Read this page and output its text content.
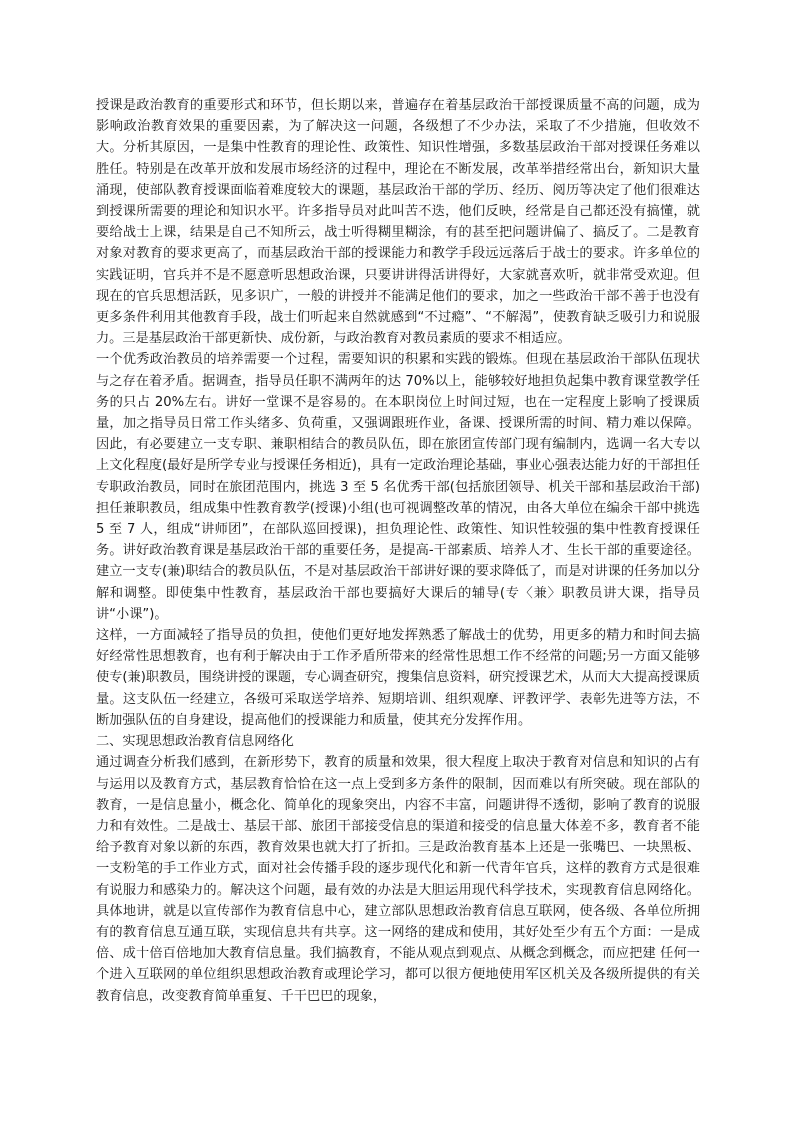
授课是政治教育的重要形式和环节，但长期以来，普遍存在着基层政治干部授课质量不高的问题，成为影响政治教育效果的重要因素，为了解决这一问题，各级想了不少办法，采取了不少措施，但收效不大。分析其原因，一是集中性教育的理论性、政策性、知识性增强，多数基层政治干部对授课任务难以胜任。特别是在改革开放和发展市场经济的过程中，理论在不断发展，改革举措经常出台，新知识大量涌现，使部队教育授课面临着难度较大的课题，基层政治干部的学历、经历、阅历等决定了他们很难达到授课所需要的理论和知识水平。许多指导员对此叫苦不迭，他们反映，经常是自己都还没有搞懂，就要给战士上课，结果是自己不知所云，战士听得糊里糊涂，有的甚至把问题讲偏了、搞反了。二是教育对象对教育的要求更高了，而基层政治干部的授课能力和教学手段远远落后于战士的要求。许多单位的实践证明，官兵并不是不愿意听思想政治课，只要讲讲得活讲得好，大家就喜欢听，就非常受欢迎。但现在的官兵思想活跃，见多识广，一般的讲授并不能满足他们的要求，加之一些政治干部不善于也没有更多条件利用其他教育手段，战士们听起来自然就感到“不过瘾”、“不解渴”，使教育缺乏吸引力和说服力。三是基层政治干部更新快、成份新，与政治教育对教员素质的要求不相适应。

一个优秀政治教员的培养需要一个过程，需要知识的积累和实践的锻炼。但现在基层政治干部队伍现状与之存在着矛盾。据调查，指导员任职不满两年的达 70%以上，能够较好地担负起集中教育课堂教学任务的只占 20%左右。讲好一堂课不是容易的。在本职岗位上时间过短，也在一定程度上影响了授课质量，加之指导员日常工作头绪多、负荷重，又强调跟班作业，备课、授课所需的时间、精力难以保障。因此，有必要建立一支专职、兼职相结合的教员队伍，即在旅团宣传部门现有编制内，选调一名大专以上文化程度(最好是所学专业与授课任务相近)，具有一定政治理论基础，事业心强表达能力好的干部担任专职政治教员，同时在旅团范围内，挑选 3 至 5 名优秀干部(包括旅团领导、机关干部和基层政治干部)担任兼职教员，组成集中性教育教学(授课)小组(也可视调整改革的情况，由各大单位在编余干部中挑选 5 至 7 人，组成“讲师团”，在部队巡回授课)，担负理论性、政策性、知识性较强的集中性教育授课任务。讲好政治教育课是基层政治干部的重要任务，是提高-干部素质、培养人才、生长干部的重要途径。建立一支专(兼)职结合的教员队伍，不是对基层政治干部讲好课的要求降低了，而是对讲课的任务加以分解和调整。即使集中性教育，基层政治干部也要搞好大课后的辅导(专〈兼〉职教员讲大课，指导员讲“小课”)。

这样，一方面减轻了指导员的负担，使他们更好地发挥熟悉了解战士的优势，用更多的精力和时间去搞好经常性思想教育，也有利于解决由于工作矛盾所带来的经常性思想工作不经常的问题;另一方面又能够使专(兼)职教员，围绕讲授的课题，专心调查研究，搜集信息资料，研究授课艺术，从而大大提高授课质量。这支队伍一经建立，各级可采取送学培养、短期培训、组织观摩、评教评学、表彰先进等方法，不断加强队伍的自身建设，提高他们的授课能力和质量，使其充分发挥作用。

二、实现思想政治教育信息网络化

通过调查分析我们感到，在新形势下，教育的质量和效果，很大程度上取决于教育对信息和知识的占有与运用以及教育方式，基层教育恰恰在这一点上受到多方条件的限制，因而难以有所突破。现在部队的教育，一是信息量小，概念化、简单化的现象突出，内容不丰富，问题讲得不透彻，影响了教育的说服力和有效性。二是战士、基层干部、旅团干部接受信息的渠道和接受的信息量大体差不多，教育者不能给予教育对象以新的东西，教育效果也就大打了折扣。三是政治教育基本上还是一张嘴巴、一块黑板、一支粉笔的手工作业方式，面对社会传播手段的逐步现代化和新一代青年官兵，这样的教育方式是很难有说服力和感染力的。解决这个问题，最有效的办法是大胆运用现代科学技术，实现教育信息网络化。具体地讲，就是以宣传部作为教育信息中心，建立部队思想政治教育信息互联网，使各级、各单位所拥有的教育信息互通互联，实现信息共有共享。这一网络的建成和使用，其好处至少有五个方面：一是成倍、成十倍百倍地加大教育信息量。我们搞教育，不能从观点到观点、从概念到概念，而应把建 任何一个进入互联网的单位组织思想政治教育或理论学习，都可以很方便地使用军区机关及各级所提供的有关教育信息，改变教育简单重复、千干巴巴的现象，
